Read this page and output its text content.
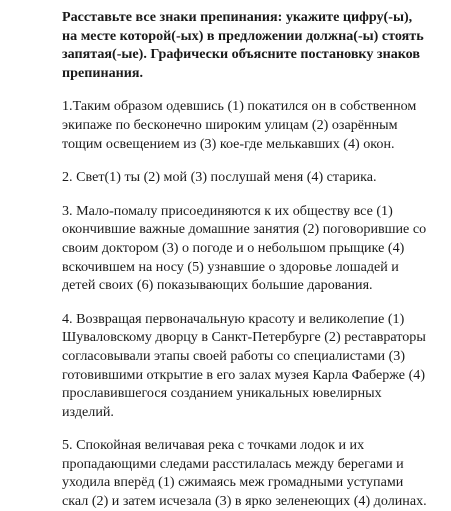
Расставьте все знаки препинания: укажите цифру(-ы),
на месте которой(-ых) в предложении должна(-ы) стоять
запятая(-ые). Графически объясните постановку знаков
препинания.
1.Таким образом одевшись (1) покатился он в собственном
экипаже по бесконечно широким улицам (2) озарённым
тощим освещением из (3) кое-где мелькавших (4) окон.
2. Свет(1) ты (2) мой (3) послушай меня (4) старика.
3. Мало-помалу присоединяются к их обществу все (1)
окончившие важные домашние занятия (2) поговорившие со
своим доктором (3) о погоде и о небольшом прыщике (4)
вскочившем на носу (5) узнавшие о здоровье лошадей и
детей своих (6) показывающих большие дарования.
4. Возвращая первоначальную красоту и великолепие (1)
Шуваловскому дворцу в Санкт-Петербурге (2) реставраторы
согласовывали этапы своей работы со специалистами (3)
готовившими открытие в его залах музея Карла Фаберже (4)
прославившегося созданием уникальных ювелирных
изделий.
5. Спокойная величавая река с точками лодок и их
пропадающими следами расстилалась между берегами и
уходила вперёд (1) сжимаясь меж громадными уступами
скал (2) и затем исчезала (3) в ярко зеленеющих (4) долинах.
